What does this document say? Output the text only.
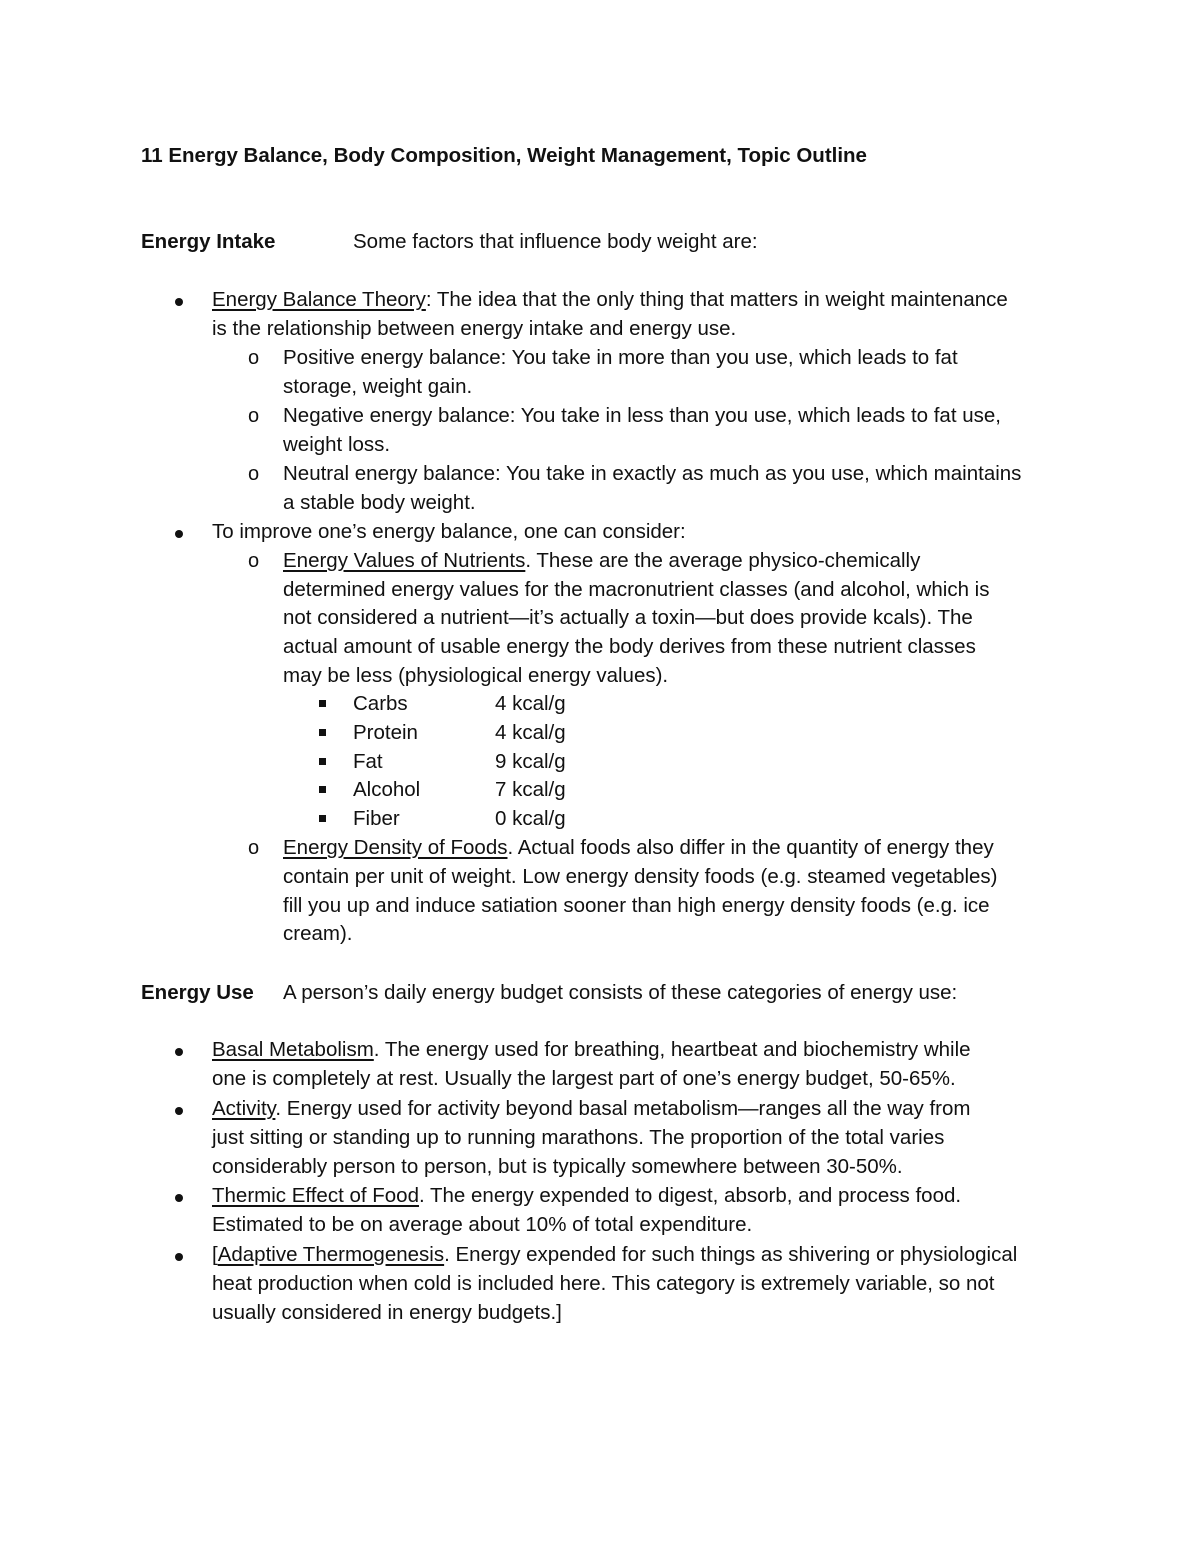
11 Energy Balance, Body Composition, Weight Management, Topic Outline
Energy Intake	Some factors that influence body weight are:
Energy Balance Theory: The idea that the only thing that matters in weight maintenance
is the relationship between energy intake and energy use.
o Positive energy balance: You take in more than you use, which leads to fat
storage, weight gain.
o Negative energy balance: You take in less than you use, which leads to fat use,
weight loss.
o Neutral energy balance: You take in exactly as much as you use, which maintains
a stable body weight.
To improve one’s energy balance, one can consider:
o Energy Values of Nutrients. These are the average physico-chemically
determined energy values for the macronutrient classes (and alcohol, which is
not considered a nutrient—it’s actually a toxin—but does provide kcals). The
actual amount of usable energy the body derives from these nutrient classes
may be less (physiological energy values).
Carbs	4 kcal/g
Protein	4 kcal/g
Fat	9 kcal/g
Alcohol	7 kcal/g
Fiber	0 kcal/g
o Energy Density of Foods. Actual foods also differ in the quantity of energy they
contain per unit of weight. Low energy density foods (e.g. steamed vegetables)
fill you up and induce satiation sooner than high energy density foods (e.g. ice
cream).
Energy Use A person’s daily energy budget consists of these categories of energy use:
Basal Metabolism. The energy used for breathing, heartbeat and biochemistry while
one is completely at rest. Usually the largest part of one’s energy budget, 50-65%.
Activity. Energy used for activity beyond basal metabolism—ranges all the way from
just sitting or standing up to running marathons. The proportion of the total varies
considerably person to person, but is typically somewhere between 30-50%.
Thermic Effect of Food. The energy expended to digest, absorb, and process food.
Estimated to be on average about 10% of total expenditure.
[Adaptive Thermogenesis. Energy expended for such things as shivering or physiological
heat production when cold is included here. This category is extremely variable, so not
usually considered in energy budgets.]
